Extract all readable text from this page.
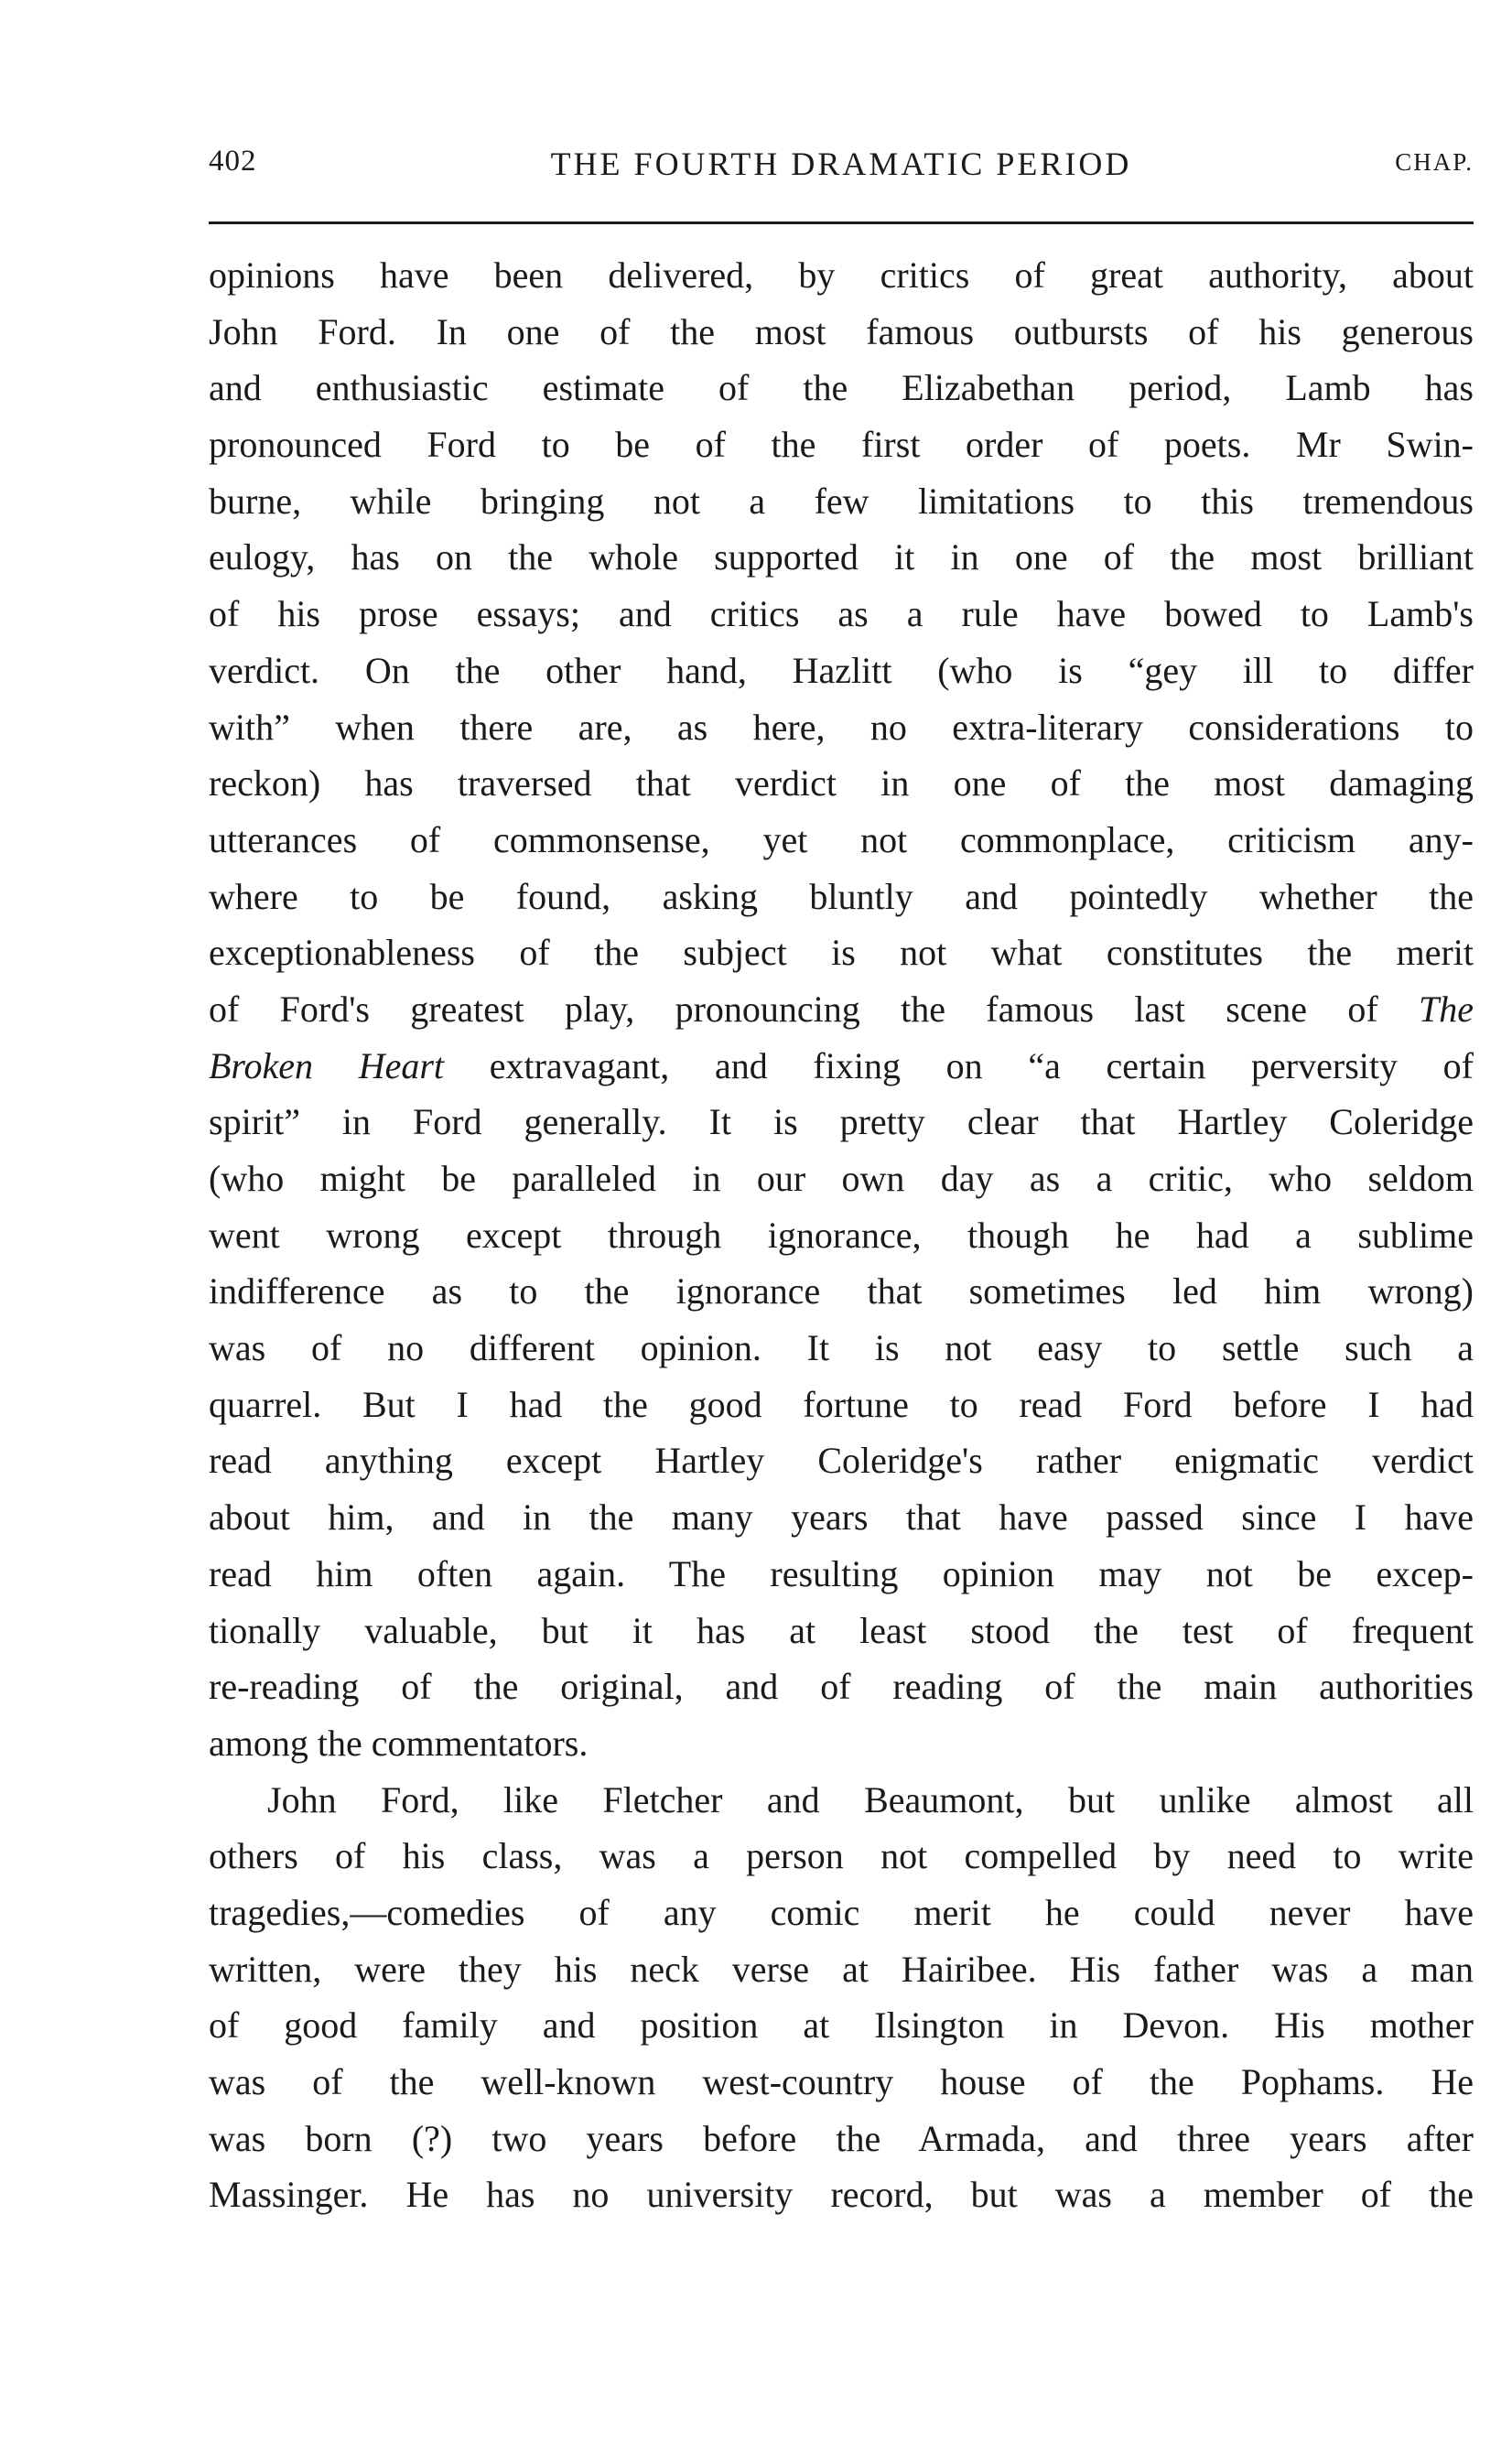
402	THE FOURTH DRAMATIC PERIOD	CHAP.
opinions have been delivered, by critics of great authority, about
John Ford. In one of the most famous outbursts of his generous
and enthusiastic estimate of the Elizabethan period, Lamb has
pronounced Ford to be of the first order of poets. Mr Swin-
burne, while bringing not a few limitations to this tremendous
eulogy, has on the whole supported it in one of the most brilliant
of his prose essays; and critics as a rule have bowed to Lamb's
verdict. On the other hand, Hazlitt (who is “gey ill to differ
with” when there are, as here, no extra-literary considerations to
reckon) has traversed that verdict in one of the most damaging
utterances of commonsense, yet not commonplace, criticism any-
where to be found, asking bluntly and pointedly whether the
exceptionableness of the subject is not what constitutes the merit
of Ford's greatest play, pronouncing the famous last scene of The
Broken Heart extravagant, and fixing on “a certain perversity of
spirit” in Ford generally. It is pretty clear that Hartley Coleridge
(who might be paralleled in our own day as a critic, who seldom
went wrong except through ignorance, though he had a sublime
indifference as to the ignorance that sometimes led him wrong)
was of no different opinion. It is not easy to settle such a
quarrel. But I had the good fortune to read Ford before I had
read anything except Hartley Coleridge's rather enigmatic verdict
about him, and in the many years that have passed since I have
read him often again. The resulting opinion may not be excep-
tionally valuable, but it has at least stood the test of frequent
re-reading of the original, and of reading of the main authorities
among the commentators.
John Ford, like Fletcher and Beaumont, but unlike almost all
others of his class, was a person not compelled by need to write
tragedies,—comedies of any comic merit he could never have
written, were they his neck verse at Hairibee. His father was a man
of good family and position at Ilsington in Devon. His mother
was of the well-known west-country house of the Pophams. He
was born (?) two years before the Armada, and three years after
Massinger. He has no university record, but was a member of the
